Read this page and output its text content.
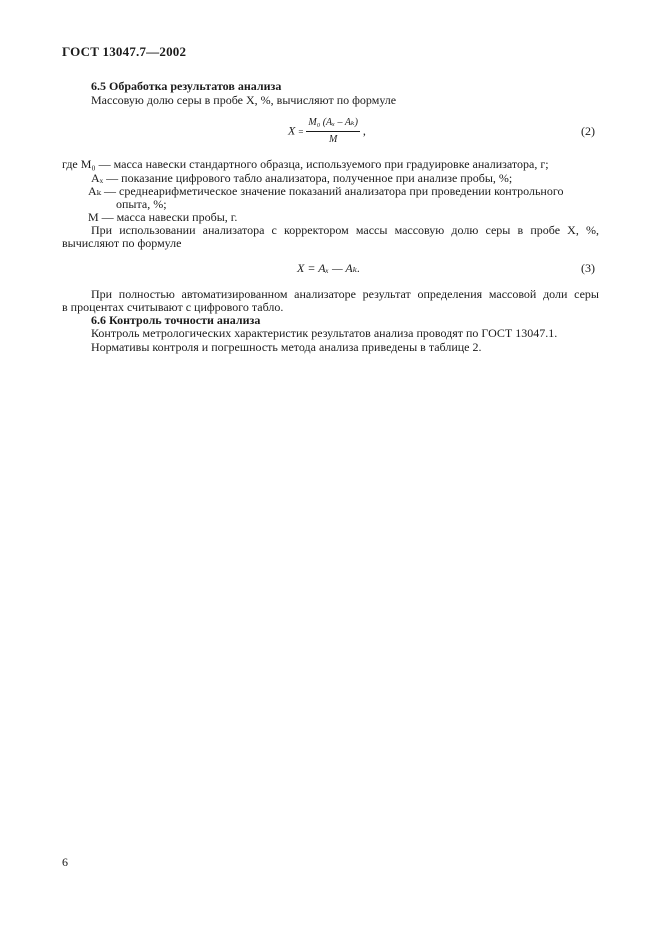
ГОСТ 13047.7—2002
6.5 Обработка результатов анализа
Массовую долю серы в пробе X, %, вычисляют по формуле
$X = \frac{\text{M₀ (Aₓ – Aₖ)}}{M}$ ,	(2)
где M₀ — масса навески стандартного образца, используемого при градуировке анализатора, г;
Aₓ — показание цифрового табло анализатора, полученное при анализе пробы, %;
Aₖ — среднеарифметическое значение показаний анализатора при проведении контрольного
опыта, %;
M — масса навески пробы, г.
При использовании анализатора с корректором массы массовую долю серы в пробе X, %,
вычисляют по формуле
X = Aₓ — Aₖ.	(3)
При полностью автоматизированном анализаторе результат определения массовой доли серы
в процентах считывают с цифрового табло.
6.6 Контроль точности анализа
Контроль метрологических характеристик результатов анализа проводят по ГОСТ 13047.1.
Нормативы контроля и погрешность метода анализа приведены в таблице 2.
6
